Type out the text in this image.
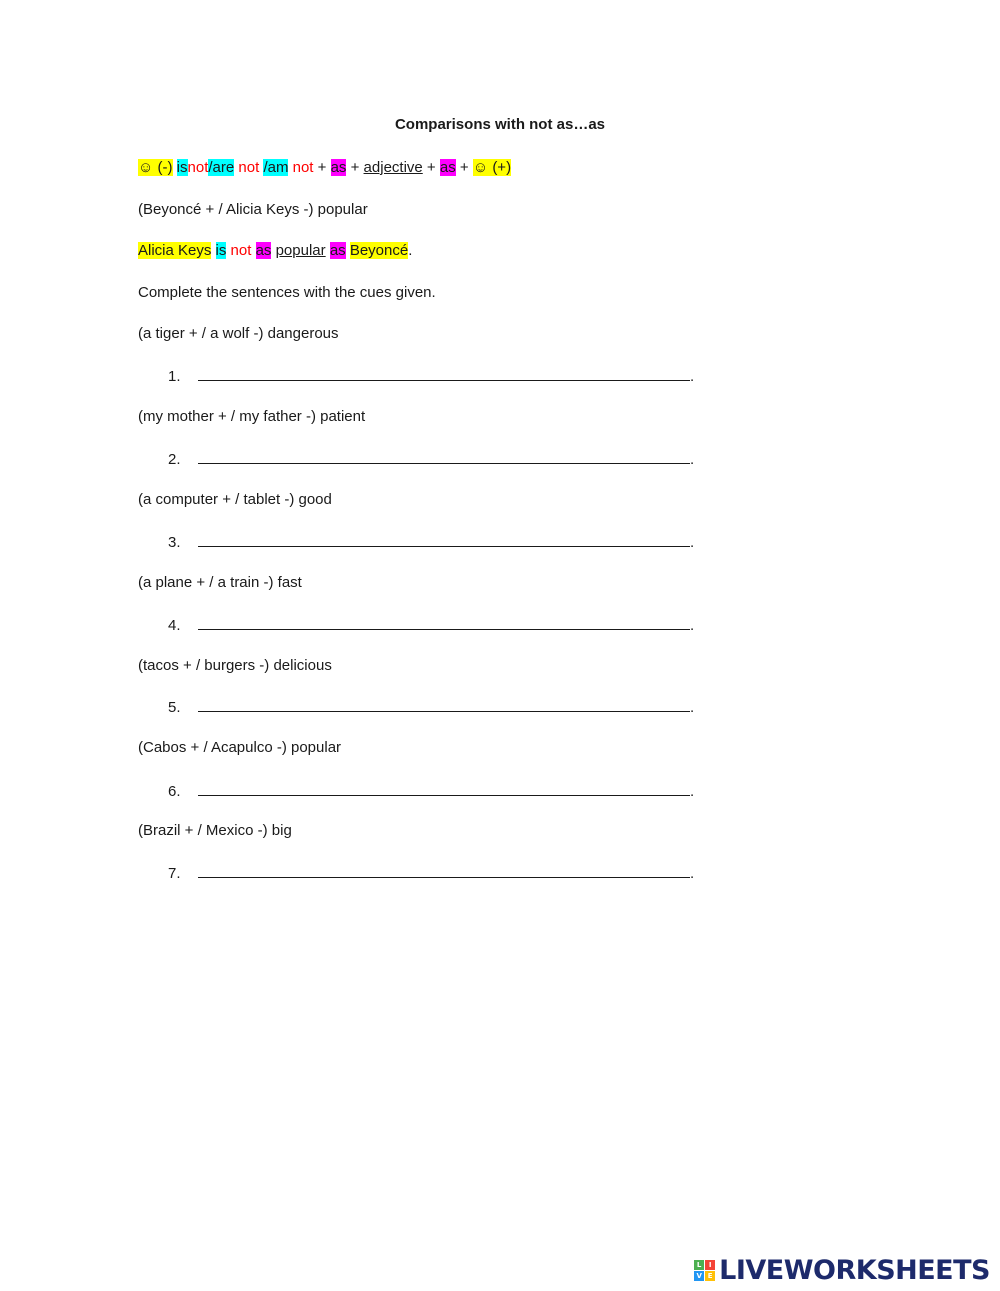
Comparisons with not as…as
☺ (-) isnot/are not /am not + as + adjective + as + ☺ (+)
(Beyoncé + / Alicia Keys -) popular
Alicia Keys is not as popular as Beyoncé.
Complete the sentences with the cues given.
(a tiger + / a wolf -) dangerous
1.	.
(my mother + / my father -) patient
2.	.
(a computer + / tablet -) good
3.	.
(a plane + / a train -) fast
4.	.
(tacos + / burgers -) delicious
5.	.
(Cabos + / Acapulco -) popular
6.	.
(Brazil + / Mexico -) big
7.	.
L	I
V E LIVEWORKSHEETS
